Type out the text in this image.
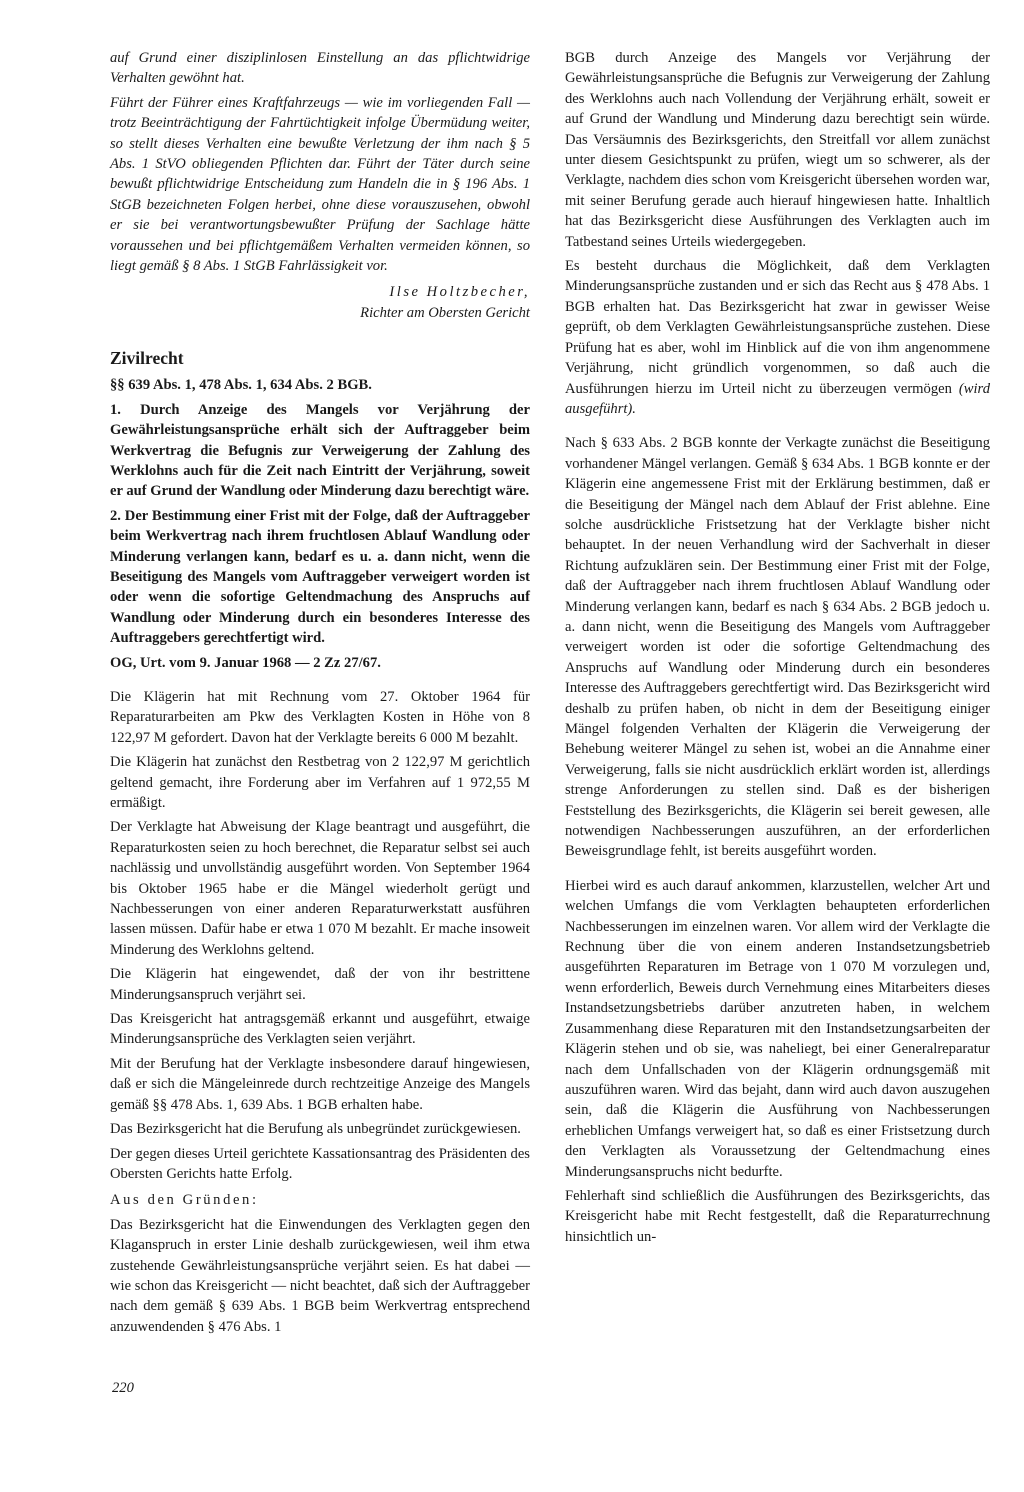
auf Grund einer disziplinlosen Einstellung an das pflichtwidrige Verhalten gewöhnt hat.

Führt der Führer eines Kraftfahrzeugs — wie im vorliegenden Fall — trotz Beeinträchtigung der Fahrtüchtigkeit infolge Übermüdung weiter, so stellt dieses Verhalten eine bewußte Verletzung der ihm nach § 5 Abs. 1 StVO obliegenden Pflichten dar. Führt der Täter durch seine bewußt pflichtwidrige Entscheidung zum Handeln die in § 196 Abs. 1 StGB bezeichneten Folgen herbei, ohne diese vorauszusehen, obwohl er sie bei verantwortungsbewußter Prüfung der Sachlage hätte voraussehen und bei pflichtgemäßem Verhalten vermeiden können, so liegt gemäß § 8 Abs. 1 StGB Fahrlässigkeit vor.

Ilse Holtzbecher,
Richter am Obersten Gericht
Zivilrecht

§§ 639 Abs. 1, 478 Abs. 1, 634 Abs. 2 BGB.

1. Durch Anzeige des Mangels vor Verjährung der Gewährleistungsansprüche erhält sich der Auftraggeber beim Werkvertrag die Befugnis zur Verweigerung der Zahlung des Werklohns auch für die Zeit nach Eintritt der Verjährung, soweit er auf Grund der Wandlung oder Minderung dazu berechtigt wäre.

2. Der Bestimmung einer Frist mit der Folge, daß der Auftraggeber beim Werkvertrag nach ihrem fruchtlosen Ablauf Wandlung oder Minderung verlangen kann, bedarf es u. a. dann nicht, wenn die Beseitigung des Mangels vom Auftraggeber verweigert worden ist oder wenn die sofortige Geltendmachung des Anspruchs auf Wandlung oder Minderung durch ein besonderes Interesse des Auftraggebers gerechtfertigt wird.

OG, Urt. vom 9. Januar 1968 — 2 Zz 27/67.

Die Klägerin hat mit Rechnung vom 27. Oktober 1964 für Reparaturarbeiten am Pkw des Verklagten Kosten in Höhe von 8 122,97 M gefordert. Davon hat der Verklagte bereits 6 000 M bezahlt.

Die Klägerin hat zunächst den Restbetrag von 2 122,97 M gerichtlich geltend gemacht, ihre Forderung aber im Verfahren auf 1 972,55 M ermäßigt.

Der Verklagte hat Abweisung der Klage beantragt und ausgeführt, die Reparaturkosten seien zu hoch berechnet, die Reparatur selbst sei auch nachlässig und unvollständig ausgeführt worden. Von September 1964 bis Oktober 1965 habe er die Mängel wiederholt gerügt und Nachbesserungen von einer anderen Reparaturwerkstatt ausführen lassen müssen. Dafür habe er etwa 1 070 M bezahlt. Er mache insoweit Minderung des Werklohns geltend.

Die Klägerin hat eingewendet, daß der von ihr bestrittene Minderungsanspruch verjährt sei.

Das Kreisgericht hat antragsgemäß erkannt und ausgeführt, etwaige Minderungsansprüche des Verklagten seien verjährt.

Mit der Berufung hat der Verklagte insbesondere darauf hingewiesen, daß er sich die Mängeleinrede durch rechtzeitige Anzeige des Mangels gemäß §§ 478 Abs. 1, 639 Abs. 1 BGB erhalten habe.

Das Bezirksgericht hat die Berufung als unbegründet zurückgewiesen.

Der gegen dieses Urteil gerichtete Kassationsantrag des Präsidenten des Obersten Gerichts hatte Erfolg.

Aus den Gründen:

Das Bezirksgericht hat die Einwendungen des Verklagten gegen den Klaganspruch in erster Linie deshalb zurückgewiesen, weil ihm etwa zustehende Gewährleistungsansprüche verjährt seien. Es hat dabei — wie schon das Kreisgericht — nicht beachtet, daß sich der Auftraggeber nach dem gemäß § 639 Abs. 1 BGB beim Werkvertrag entsprechend anzuwendenden § 476 Abs. 1

BGB durch Anzeige des Mangels vor Verjährung der Gewährleistungsansprüche die Befugnis zur Verweigerung der Zahlung des Werklohns auch nach Vollendung der Verjährung erhält, soweit er auf Grund der Wandlung und Minderung dazu berechtigt sein würde. Das Versäumnis des Bezirksgerichts, den Streitfall vor allem zunächst unter diesem Gesichtspunkt zu prüfen, wiegt um so schwerer, als der Verklagte, nachdem dies schon vom Kreisgericht übersehen worden war, mit seiner Berufung gerade auch hierauf hingewiesen hatte. Inhaltlich hat das Bezirksgericht diese Ausführungen des Verklagten auch im Tatbestand seines Urteils wiedergegeben.

Es besteht durchaus die Möglichkeit, daß dem Verklagten Minderungsansprüche zustanden und er sich das Recht aus § 478 Abs. 1 BGB erhalten hat. Das Bezirksgericht hat zwar in gewisser Weise geprüft, ob dem Verklagten Gewährleistungsansprüche zustehen. Diese Prüfung hat es aber, wohl im Hinblick auf die von ihm angenommene Verjährung, nicht gründlich vorgenommen, so daß auch die Ausführungen hierzu im Urteil nicht zu überzeugen vermögen (wird ausgeführt).

Nach § 633 Abs. 2 BGB konnte der Verkagte zunächst die Beseitigung vorhandener Mängel verlangen. Gemäß § 634 Abs. 1 BGB konnte er der Klägerin eine angemessene Frist mit der Erklärung bestimmen, daß er die Beseitigung der Mängel nach dem Ablauf der Frist ablehne. Eine solche ausdrückliche Fristsetzung hat der Verklagte bisher nicht behauptet. In der neuen Verhandlung wird der Sachverhalt in dieser Richtung aufzuklären sein. Der Bestimmung einer Frist mit der Folge, daß der Auftraggeber nach ihrem fruchtlosen Ablauf Wandlung oder Minderung verlangen kann, bedarf es nach § 634 Abs. 2 BGB jedoch u. a. dann nicht, wenn die Beseitigung des Mangels vom Auftraggeber verweigert worden ist oder die sofortige Geltendmachung des Anspruchs auf Wandlung oder Minderung durch ein besonderes Interesse des Auftraggebers gerechtfertigt wird. Das Bezirksgericht wird deshalb zu prüfen haben, ob nicht in dem der Beseitigung einiger Mängel folgenden Verhalten der Klägerin die Verweigerung der Behebung weiterer Mängel zu sehen ist, wobei an die Annahme einer Verweigerung, falls sie nicht ausdrücklich erklärt worden ist, allerdings strenge Anforderungen zu stellen sind. Daß es der bisherigen Feststellung des Bezirksgerichts, die Klägerin sei bereit gewesen, alle notwendigen Nachbesserungen auszuführen, an der erforderlichen Beweisgrundlage fehlt, ist bereits ausgeführt worden.

Hierbei wird es auch darauf ankommen, klarzustellen, welcher Art und welchen Umfangs die vom Verklagten behaupteten erforderlichen Nachbesserungen im einzelnen waren. Vor allem wird der Verklagte die Rechnung über die von einem anderen Instandsetzungsbetrieb ausgeführten Reparaturen im Betrage von 1 070 M vorzulegen und, wenn erforderlich, Beweis durch Vernehmung eines Mitarbeiters dieses Instandsetzungsbetriebs darüber anzutreten haben, in welchem Zusammenhang diese Reparaturen mit den Instandsetzungsarbeiten der Klägerin stehen und ob sie, was naheliegt, bei einer Generalreparatur nach dem Unfallschaden von der Klägerin ordnungsgemäß mit auszuführen waren. Wird das bejaht, dann wird auch davon auszugehen sein, daß die Klägerin die Ausführung von Nachbesserungen erheblichen Umfangs verweigert hat, so daß es einer Fristsetzung durch den Verklagten als Voraussetzung der Geltendmachung eines Minderungsanspruchs nicht bedurfte.

Fehlerhaft sind schließlich die Ausführungen des Bezirksgerichts, das Kreisgericht habe mit Recht festgestellt, daß die Reparaturrechnung hinsichtlich un-

220
